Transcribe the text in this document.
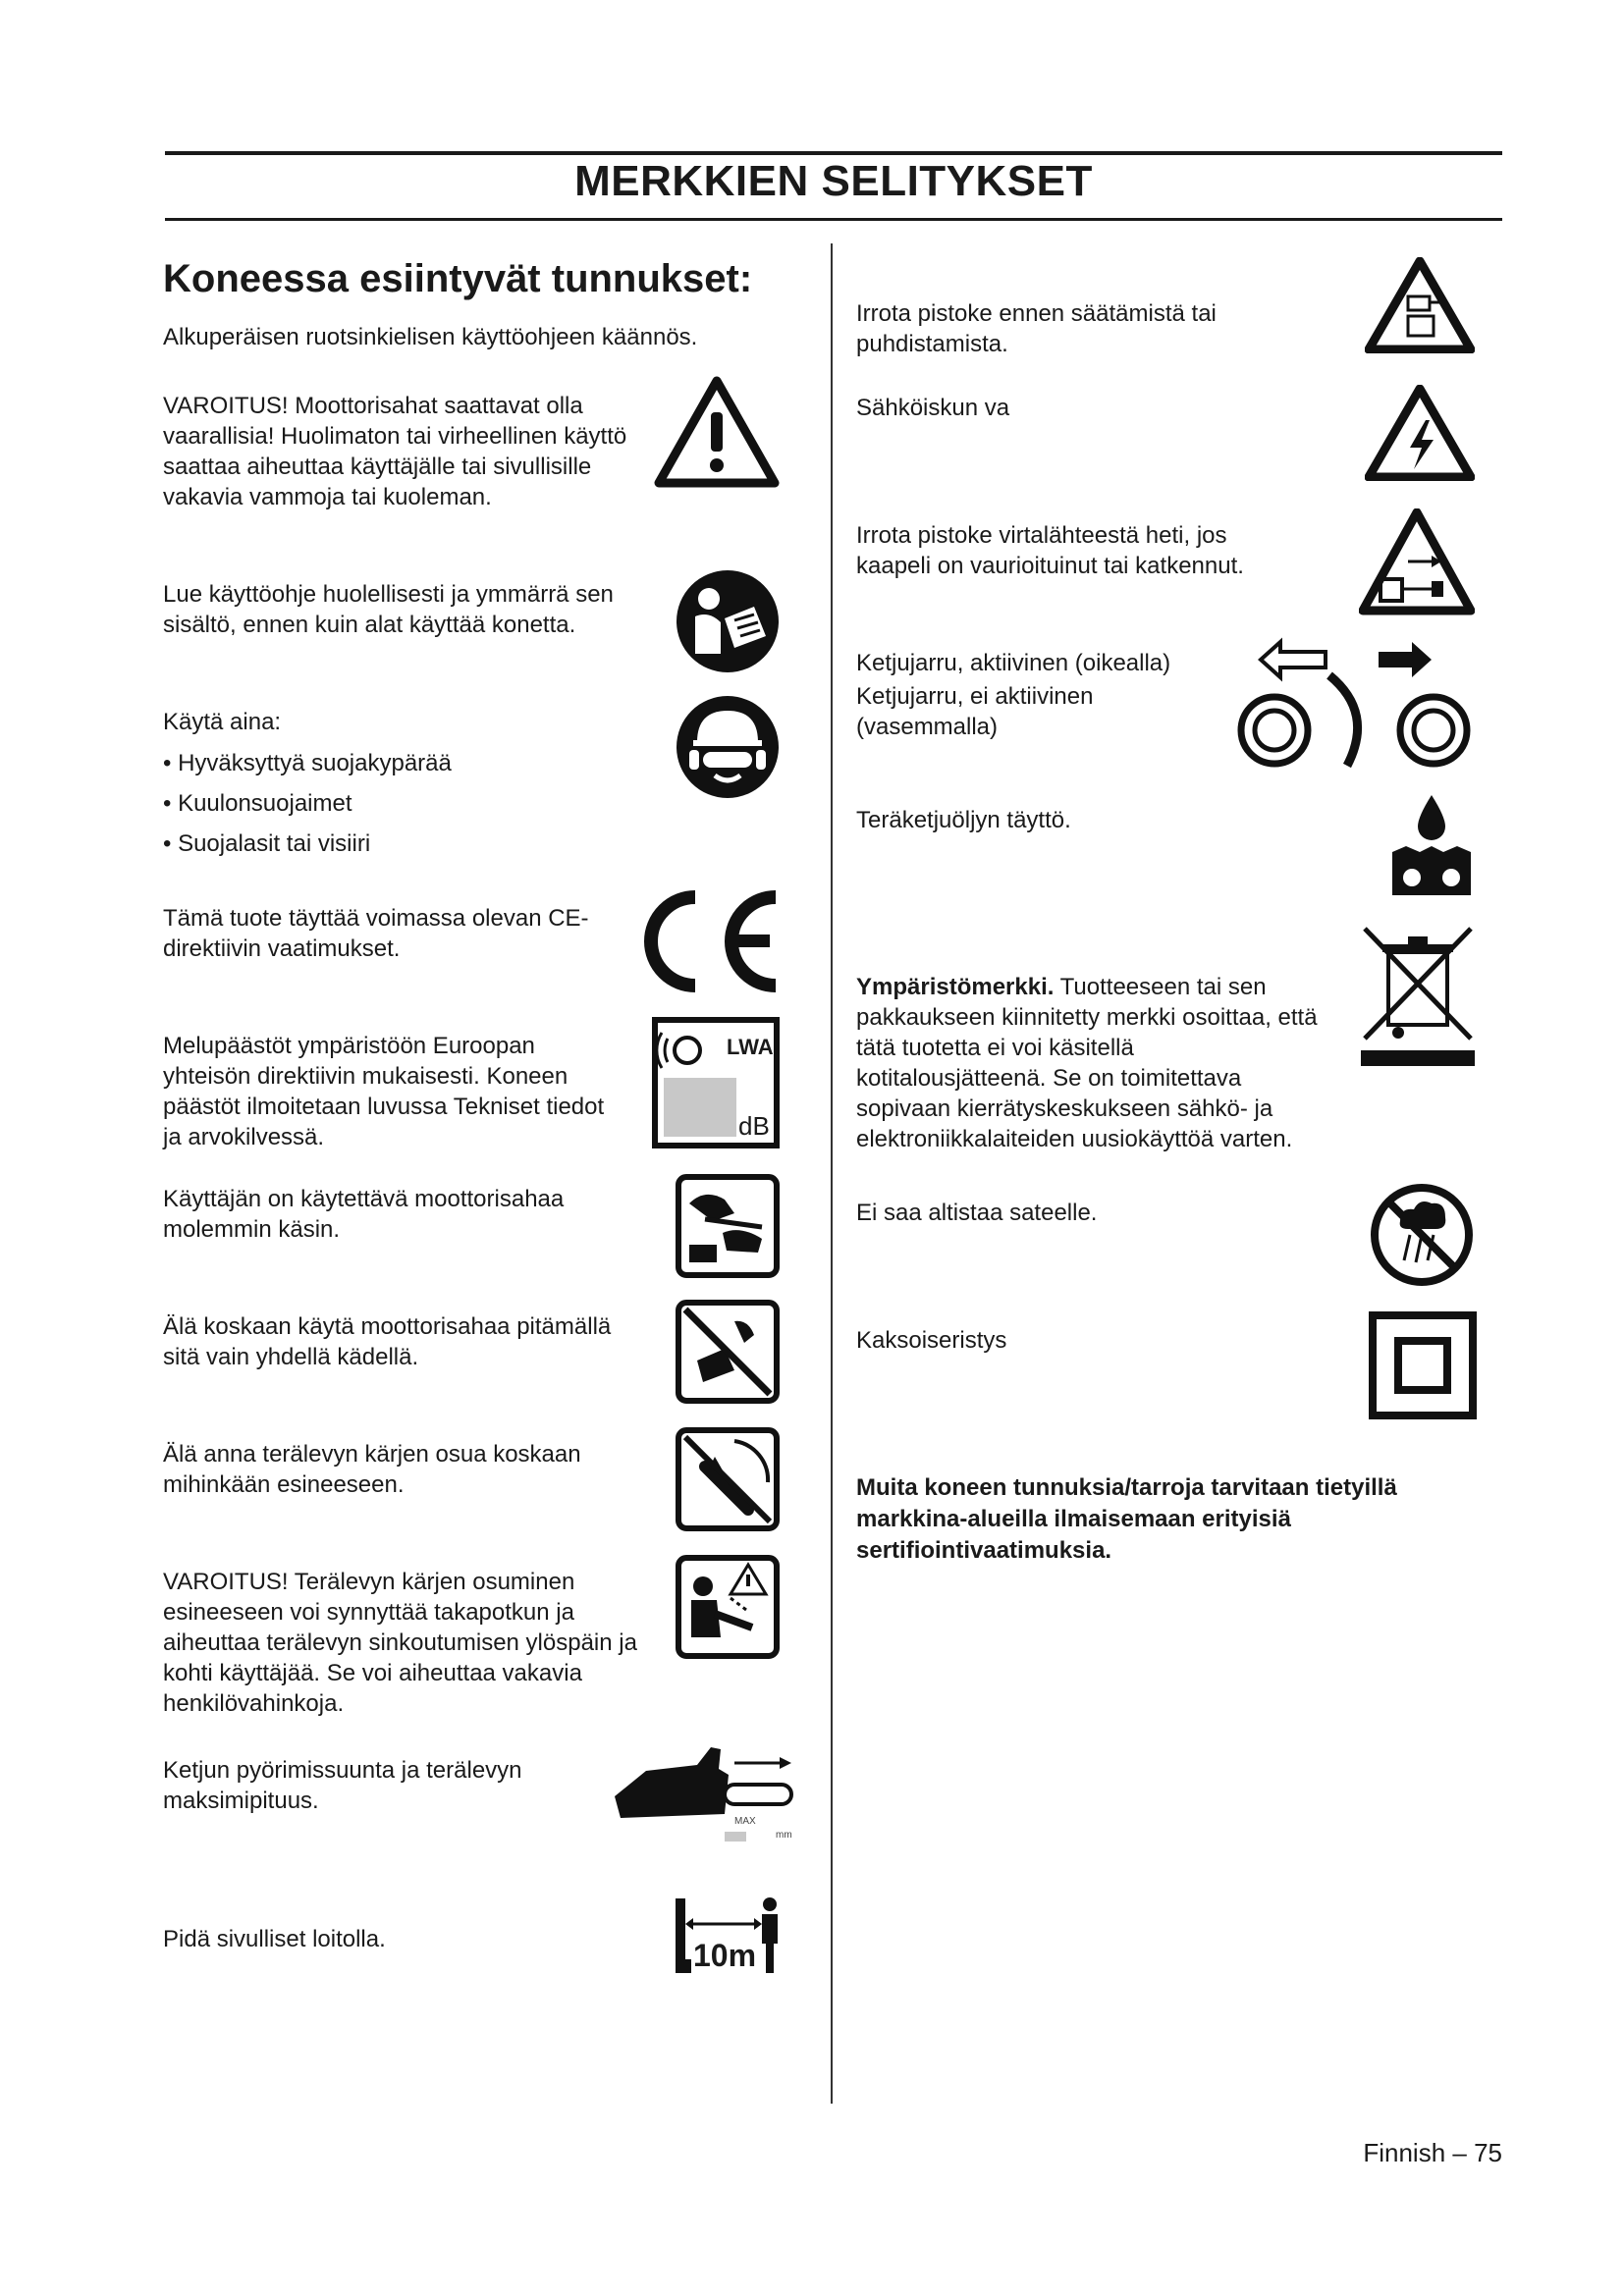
MERKKIEN SELITYKSET
Koneessa esiintyvät tunnukset:
Alkuperäisen ruotsinkielisen käyttöohjeen käännös.
VAROITUS! Moottorisahat saattavat olla vaarallisia! Huolimaton tai virheellinen käyttö saattaa aiheuttaa käyttäjälle tai sivullisille vakavia vammoja tai kuoleman.
Lue käyttöohje huolellisesti ja ymmärrä sen sisältö, ennen kuin alat käyttää konetta.
Käytä aina:
• Hyväksyttyä suojakypärää
• Kuulonsuojaimet
• Suojalasit tai visiiri
Tämä tuote täyttää voimassa olevan CE-direktiivin vaatimukset.
Melupäästöt ympäristöön Euroopan yhteisön direktiivin mukaisesti. Koneen päästöt ilmoitetaan luvussa Tekniset tiedot ja arvokilvessä.
LWA
dB
Käyttäjän on käytettävä moottorisahaa molemmin käsin.
Älä koskaan käytä moottorisahaa pitämällä sitä vain yhdellä kädellä.
Älä anna terälevyn kärjen osua koskaan mihinkään esineeseen.
VAROITUS! Terälevyn kärjen osuminen esineeseen voi synnyttää takapotkun ja aiheuttaa terälevyn sinkoutumisen ylöspäin ja kohti käyttäjää. Se voi aiheuttaa vakavia henkilövahinkoja.
Ketjun pyörimissuunta ja terälevyn maksimipituus.
MAX
mm
Pidä sivulliset loitolla.	10m
Irrota pistoke ennen säätämistä tai puhdistamista.
Sähköiskun va
Irrota pistoke virtalähteestä heti, jos kaapeli on vaurioituinut tai katkennut.
Ketjujarru, aktiivinen (oikealla)
Ketjujarru, ei aktiivinen (vasemmalla)
Teräketjuöljyn täyttö.
Ympäristömerkki. Tuotteeseen tai sen pakkaukseen kiinnitetty merkki osoittaa, että tätä tuotetta ei voi käsitellä kotitalousjätteenä. Se on toimitettava sopivaan kierrätyskeskukseen sähkö- ja elektroniikkalaiteiden uusiokäyttöä varten.
Ei saa altistaa sateelle.
Kaksoiseristys
Muita koneen tunnuksia/tarroja tarvitaan tietyillä markkina-alueilla ilmaisemaan erityisiä sertifiointivaatimuksia.
Finnish – 75
